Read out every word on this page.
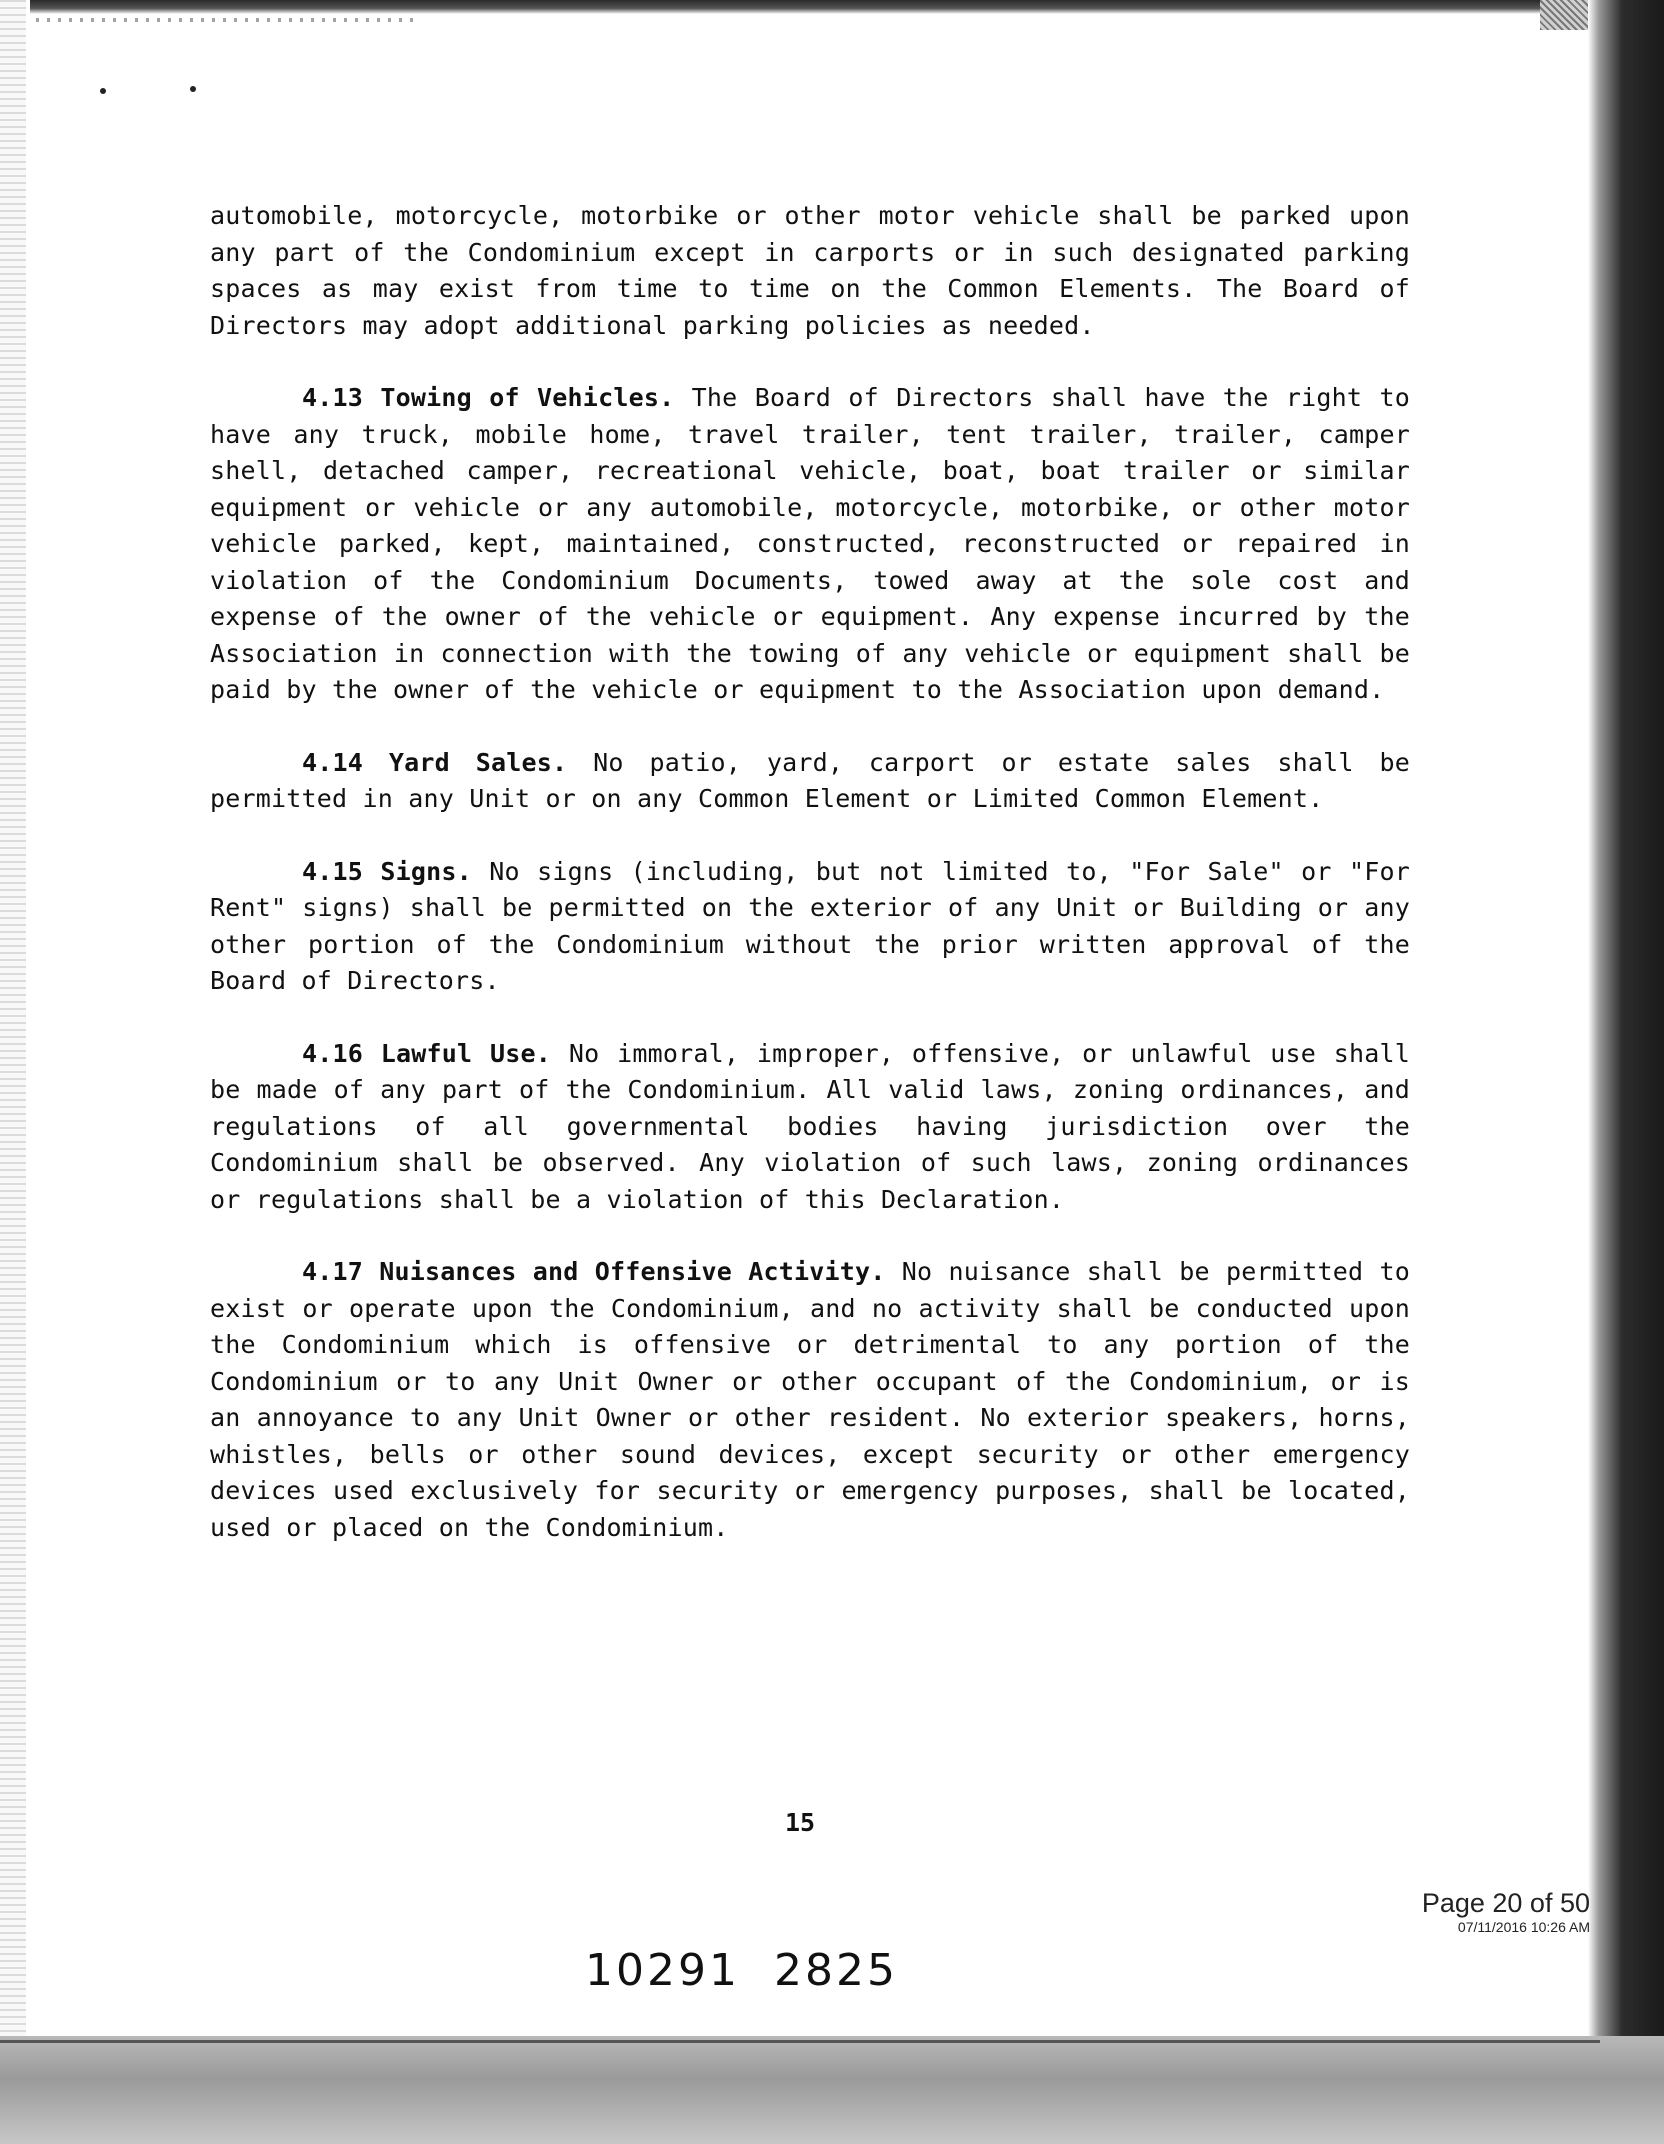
automobile, motorcycle, motorbike or other motor vehicle shall be parked upon any part of the Condominium except in carports or in such designated parking spaces as may exist from time to time on the Common Elements. The Board of Directors may adopt additional parking policies as needed.

4.13 Towing of Vehicles. The Board of Directors shall have the right to have any truck, mobile home, travel trailer, tent trailer, trailer, camper shell, detached camper, recreational vehicle, boat, boat trailer or similar equipment or vehicle or any automobile, motorcycle, motorbike, or other motor vehicle parked, kept, maintained, constructed, reconstructed or repaired in violation of the Condominium Documents, towed away at the sole cost and expense of the owner of the vehicle or equipment. Any expense incurred by the Association in connection with the towing of any vehicle or equipment shall be paid by the owner of the vehicle or equipment to the Association upon demand.

4.14 Yard Sales. No patio, yard, carport or estate sales shall be permitted in any Unit or on any Common Element or Limited Common Element.

4.15 Signs. No signs (including, but not limited to, "For Sale" or "For Rent" signs) shall be permitted on the exterior of any Unit or Building or any other portion of the Condominium without the prior written approval of the Board of Directors.

4.16 Lawful Use. No immoral, improper, offensive, or unlawful use shall be made of any part of the Condominium. All valid laws, zoning ordinances, and regulations of all governmental bodies having jurisdiction over the Condominium shall be observed. Any violation of such laws, zoning ordinances or regulations shall be a violation of this Declaration.

4.17 Nuisances and Offensive Activity. No nuisance shall be permitted to exist or operate upon the Condominium, and no activity shall be conducted upon the Condominium which is offensive or detrimental to any portion of the Condominium or to any Unit Owner or other occupant of the Condominium, or is an annoyance to any Unit Owner or other resident. No exterior speakers, horns, whistles, bells or other sound devices, except security or other emergency devices used exclusively for security or emergency purposes, shall be located, used or placed on the Condominium.

15
Page 20 of 50
07/11/2016 10:26 AM
10291 2825
